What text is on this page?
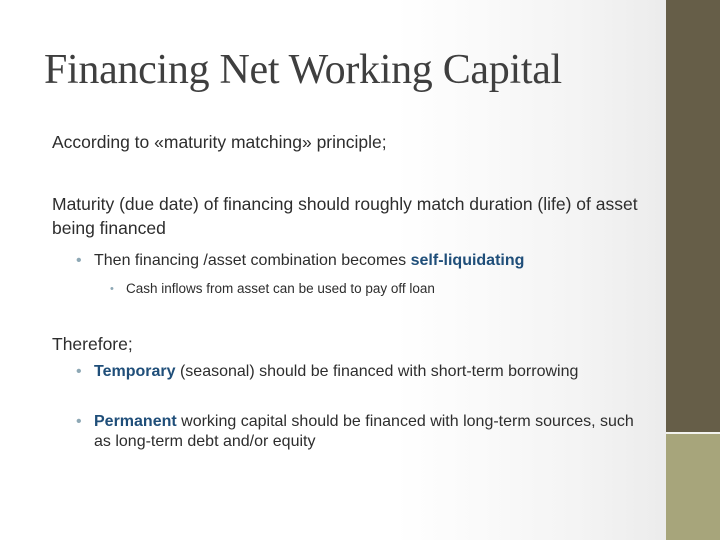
Financing Net Working Capital

According to «maturity matching» principle;

Maturity (due date) of financing should roughly match duration (life) of asset being financed

• Then financing /asset combination becomes self-liquidating
• Cash inflows from asset can be used to pay off loan

Therefore;

• Temporary (seasonal) should be financed with short-term borrowing
• Permanent working capital should be financed with long-term sources, such as long-term debt and/or equity
